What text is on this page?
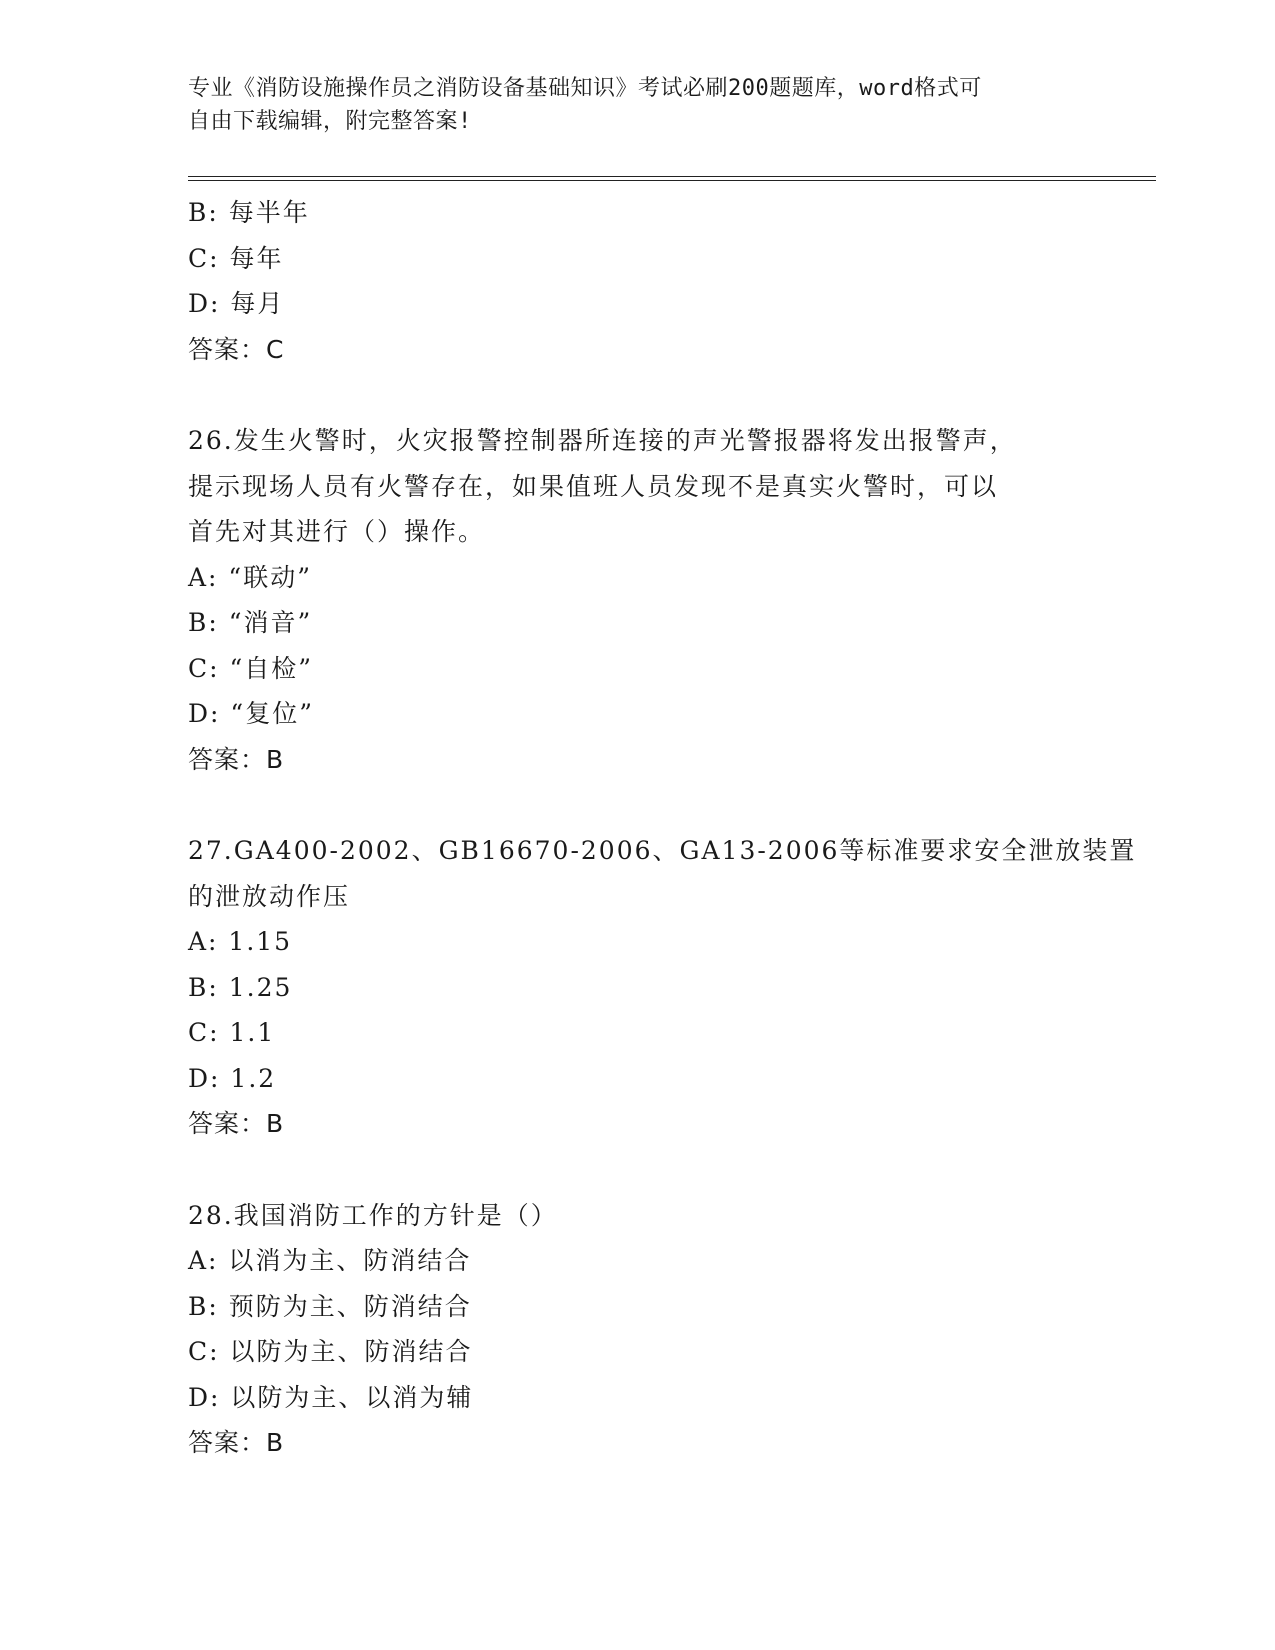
专业《消防设施操作员之消防设备基础知识》考试必刷200题题库，word格式可
自由下载编辑，附完整答案!
B: 每半年
C: 每年
D: 每月
答案：C
26.发生火警时，火灾报警控制器所连接的声光警报器将发出报警声，
提示现场人员有火警存在，如果值班人员发现不是真实火警时，可以
首先对其进行（）操作。
A: “联动”
B: “消音”
C: “自检”
D: “复位”
答案：B
27.GA400-2002、GB16670-2006、GA13-2006等标准要求安全泄放装置
的泄放动作压
A: 1.15
B: 1.25
C: 1.1
D: 1.2
答案：B
28.我国消防工作的方针是（）
A: 以消为主、防消结合
B: 预防为主、防消结合
C: 以防为主、防消结合
D: 以防为主、以消为辅
答案：B
